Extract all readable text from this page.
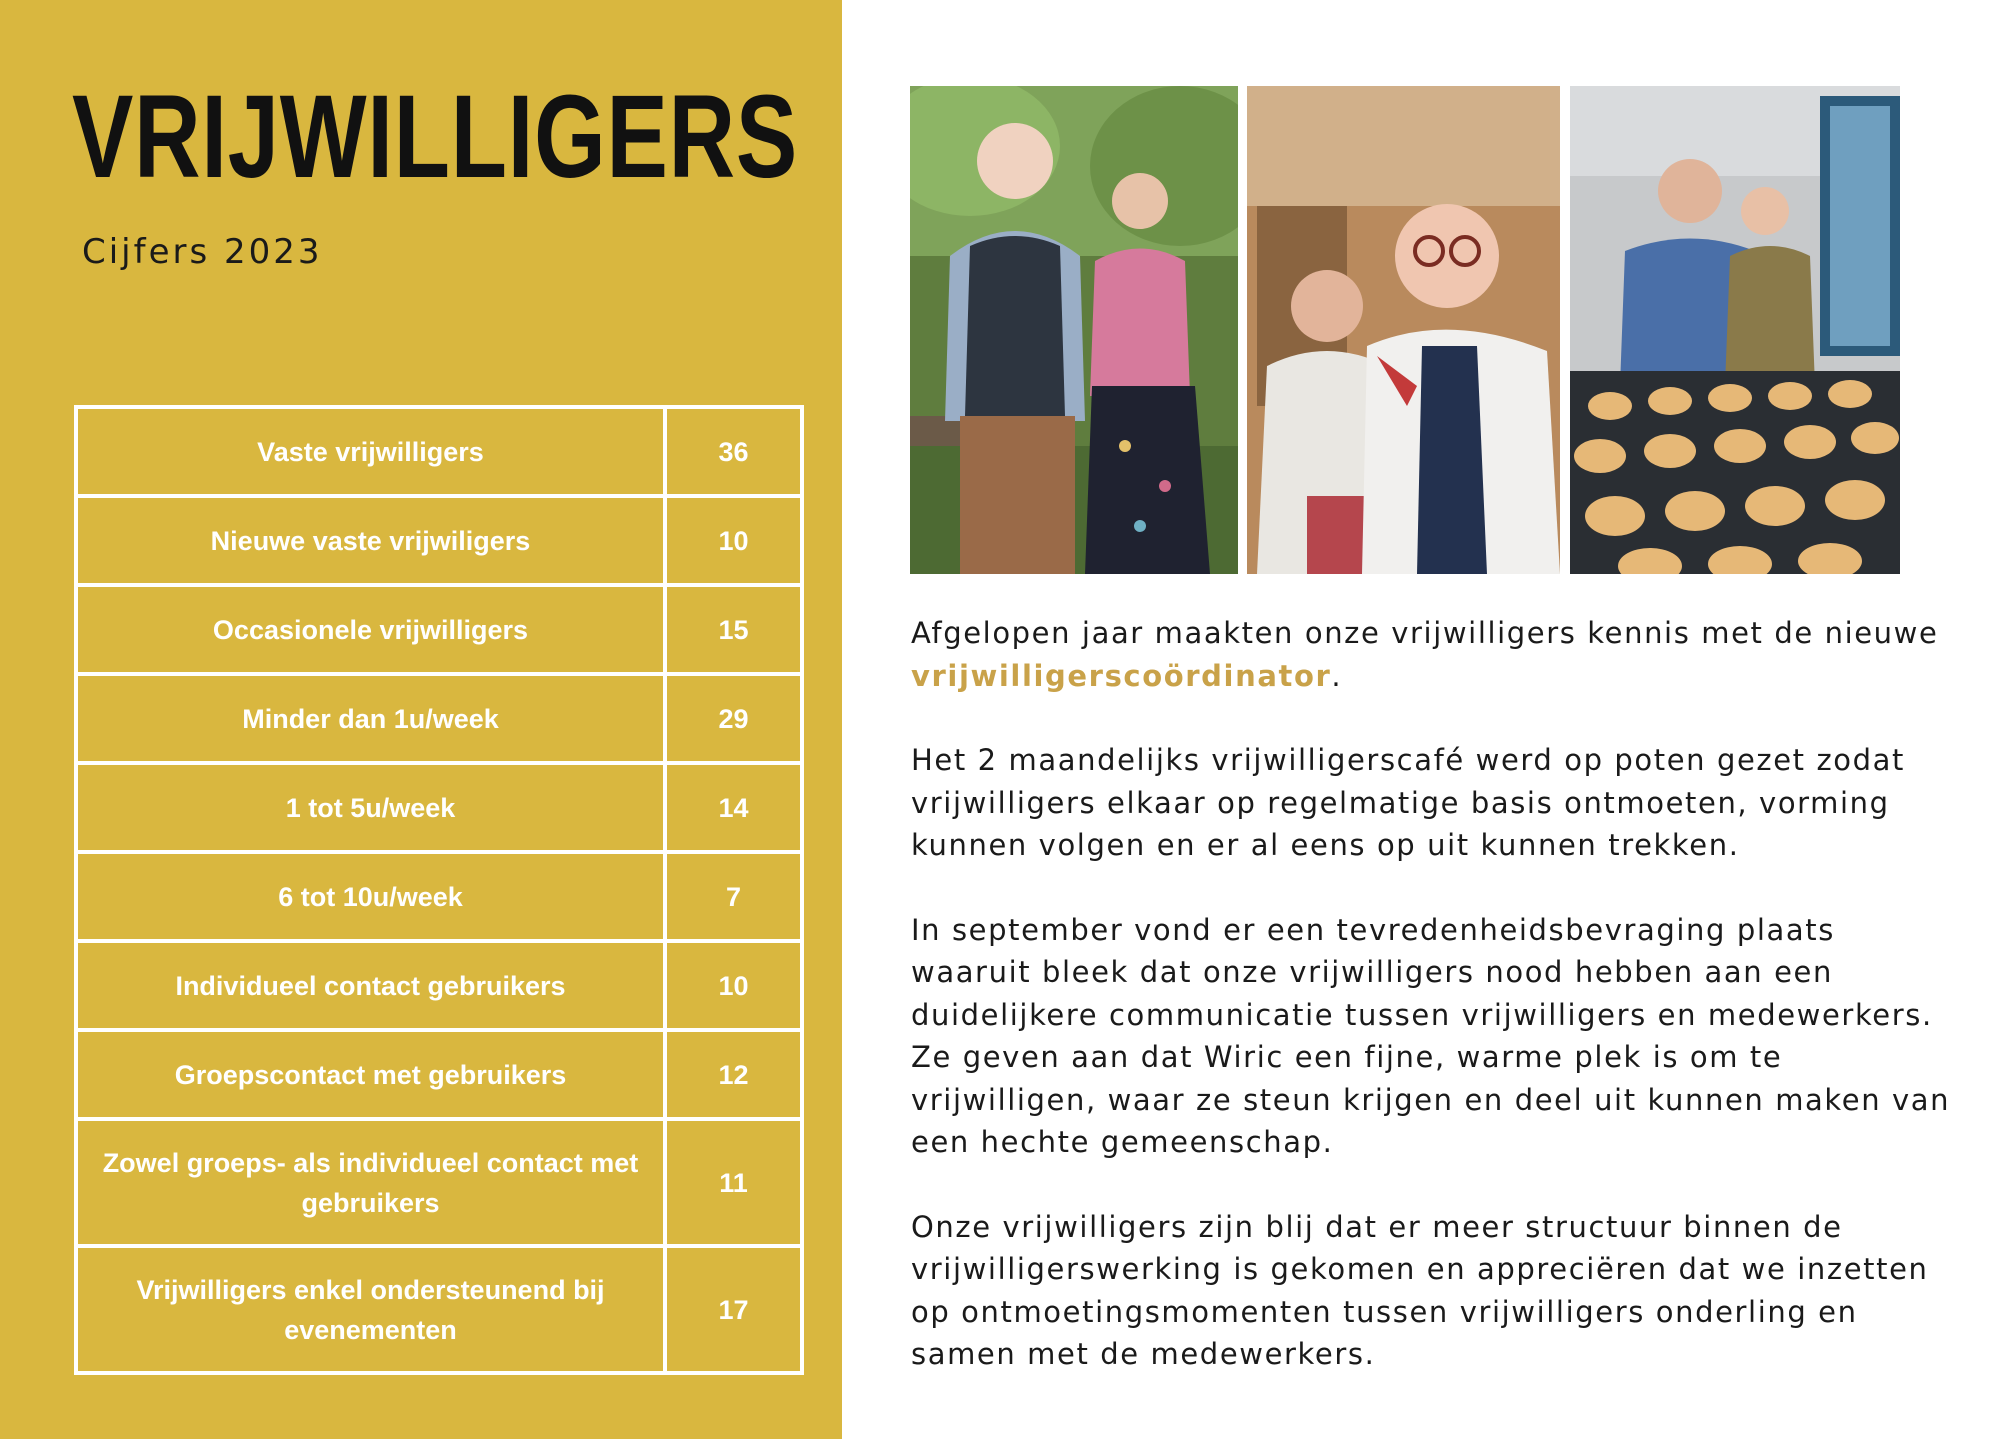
VRIJWILLIGERS

Cijfers 2023

Vaste vrijwilligers	36
Nieuwe vaste vrijwiligers	10
Occasionele vrijwilligers	15
Minder dan 1u/week	29
1 tot 5u/week	14
6 tot 10u/week	7
Individueel contact gebruikers	10
Groepscontact met gebruikers	12
Zowel groeps- als individueel contact met gebruikers	11
Vrijwilligers enkel ondersteunend bij evenementen	17

Afgelopen jaar maakten onze vrijwilligers kennis met de nieuwe vrijwilligerscoördinator.

Het 2 maandelijks vrijwilligerscafé werd op poten gezet zodat vrijwilligers elkaar op regelmatige basis ontmoeten, vorming kunnen volgen en er al eens op uit kunnen trekken.

In september vond er een tevredenheidsbevraging plaats waaruit bleek dat onze vrijwilligers nood hebben aan een duidelijkere communicatie tussen vrijwilligers en medewerkers. Ze geven aan dat Wiric een fijne, warme plek is om te vrijwilligen, waar ze steun krijgen en deel uit kunnen maken van een hechte gemeenschap.

Onze vrijwilligers zijn blij dat er meer structuur binnen de vrijwilligerswerking is gekomen en appreciëren dat we inzetten op ontmoetingsmomenten tussen vrijwilligers onderling en samen met de medewerkers.
